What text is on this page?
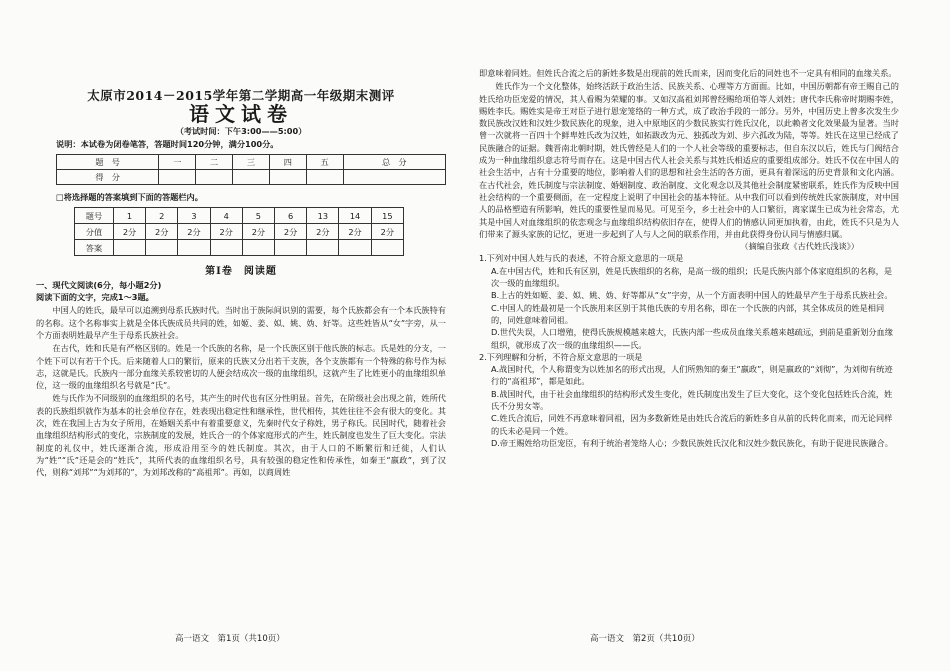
太原市2014－2015学年第二学期高一年级期末测评
语文试卷
（考试时间：下午3:00——5:00）
说明：本试卷为闭卷笔答，答题时间120分钟，满分100分。
题　号	一	二	三	四	五	总　分
得　分						
□将选择题的答案填到下面的答题栏内。
题号	1	2	3	4	5	6	13	14	15
分值	2分	2分	2分	2分	2分	2分	2分	2分	2分
答案									
第Ⅰ卷　阅读题

一、现代文阅读(6分，每小题2分)

阅读下面的文字，完成1～3题。

中国人的姓氏，最早可以追溯到母系氏族时代。当时出于族际间识别的需要，每个氏族都会有一个本氏族特有的名称。这个名称事实上就是全体氏族成员共同的姓，如姬、姜、姒、姚、妫、好等。这些姓皆从“女”字旁，从一个方面表明姓最早产生于母系氏族社会。

在古代，姓和氏是有严格区别的。姓是一个氏族的名称，是一个氏族区别于他氏族的标志。氏是姓的分支，一个姓下可以有若干个氏。后来随着人口的繁衍，原来的氏族又分出若干支族，各个支族都有一个特殊的称号作为标志，这就是氏。氏族内一部分血缘关系较密切的人便会结成次一级的血缘组织，这就产生了比姓更小的血缘组织单位，这一级的血缘组织名号就是“氏”。

姓与氏作为不同级别的血缘组织的名号，其产生的时代也有区分性明显。首先，在阶级社会出现之前，姓所代表的氏族组织就作为基本的社会单位存在，姓表现出稳定性和继承性，世代相传，其姓往往不会有很大的变化。其次，姓在我国上古为女子所用，在婚姻关系中有着重要意义，先秦时代女子称姓，男子称氏。民国时代，随着社会血缘组织结构形式的变化，宗族制度的发展，姓氏合一的个体家庭形式的产生，姓氏制度也发生了巨大变化。宗法制度的礼仪中，姓氏逐渐合流，形成沿用至今的姓氏制度。其次，由于人口的不断繁衍和迁徙，人们认为“姓”“氏”还是会的“姓氏”，其所代表的血缘组织名号，具有较强的稳定性和传承性，如秦王“嬴政”，到了汉代，则称“刘邦”“为刘邦的”，为刘邦改称的“高祖邦”。再如，以商周姓

高一语文　第1页（共10页）

即意味着同姓。但姓氏合流之后的新姓多数是出现前的姓氏而来，因而变化后的同姓也不一定具有相同的血缘关系。

姓氏作为一个文化整体，始终活跃于政治生活、民族关系、心理等方方面面。比如，中国历朝都有帝王赐自己的姓氏给功臣宠爱的情况，其人看赐为荣耀的事。又如汉高祖刘邦曾经赐给项伯等人刘姓；唐代李氏称帝时期赐李姓，赐姓李氏。赐姓实是帝王对臣子进行恩宠笼络的一种方式，成了政治手段的一部分。另外，中国历史上曾多次发生少数民族改汉姓和汉姓少数民族化的现象，进入中原地区的少数民族实行姓氏汉化，以此赖者文化效果最为显著。当时曾一次就将一百四十个鲜卑姓氏改为汉姓，如拓跋改为元、独孤改为刘、步六孤改为陆，等等。姓氏在这里已经成了民族融合的证据。魏晋南北朝时期，姓氏曾经是人们的一个人社会等级的重要标志，但自东汉以后，姓氏与门阀结合成为一种血缘组织意志符号而存在。这是中国古代人社会关系与其姓氏相适应的重要组成部分。姓氏不仅在中国人的社会生活中，占有十分重要的地位，影响着人们的思想和社会生活的各方面，更具有着深远的历史背景和文化内涵。在古代社会，姓氏制度与宗法制度、婚姻制度、政治制度、文化观念以及其他社会制度紧密联系，姓氏作为反映中国社会结构的一个重要侧面，在一定程度上说明了中国社会的基本特征。从中我们可以看到传统姓氏家族制度，对中国人的品格塑造有所影响，姓氏的重要性显而易见。可见至今，乡土社会中的人口繁衍，离家谋生已成为社会常态，尤其是中国人对血缘组织的依恋观念与血缘组织结构依旧存在，使得人们的情感认同更加执着，由此，姓氏不只是为人们带来了源头家族的记忆，更进一步起到了人与人之间的联系作用，并由此获得身份认同与情感归属。

（摘编自张政《古代姓氏浅谈》）

1.下列对中国人姓与氏的表述，不符合原文意思的一项是

A.在中国古代，姓和氏有区别，姓是氏族组织的名称，是高一级的组织；氏是氏族内部个体家庭组织的名称，是次一级的血缘组织。

B.上古的姓如姬、姜、姒、姚、妫、好等都从“女”字旁，从一个方面表明中国人的姓最早产生于母系氏族社会。

C.中国人的姓最初是一个氏族用来区别于其他氏族的专用名称，即在一个氏族的内部，其全体成员的姓是相同的，同姓意味着同祖。

D.世代失误，人口增殖，使得氏族规模越来越大，氏族内部一些成员血缘关系越来越疏远，到前是重新划分血缘组织，就形成了次一级的血缘组织——氏。

2.下列理解和分析，不符合原文意思的一项是

A.战国时代，个人称谓变为以姓加名的形式出现，人们所熟知的秦王“嬴政”，则是嬴政的“刘彻”，为刘彻有统迹行的“高祖邦”，都是如此。

B.战国时代，由于社会血缘组织的结构形式发生变化，姓氏制度出发生了巨大变化，这个变化包括姓氏合流，姓氏不分男女等。

C.姓氏合流后，同姓不再意味着同祖，因为多数新姓是由姓氏合流后的新姓多自从前的氏转化而来，而无论同样的氏未必是同一个姓。

D.帝王赐姓给功臣宠臣，有利于统治者笼络人心；少数民族姓氏汉化和汉姓少数民族化，有助于促进民族融合。

高一语文　第2页（共10页）
